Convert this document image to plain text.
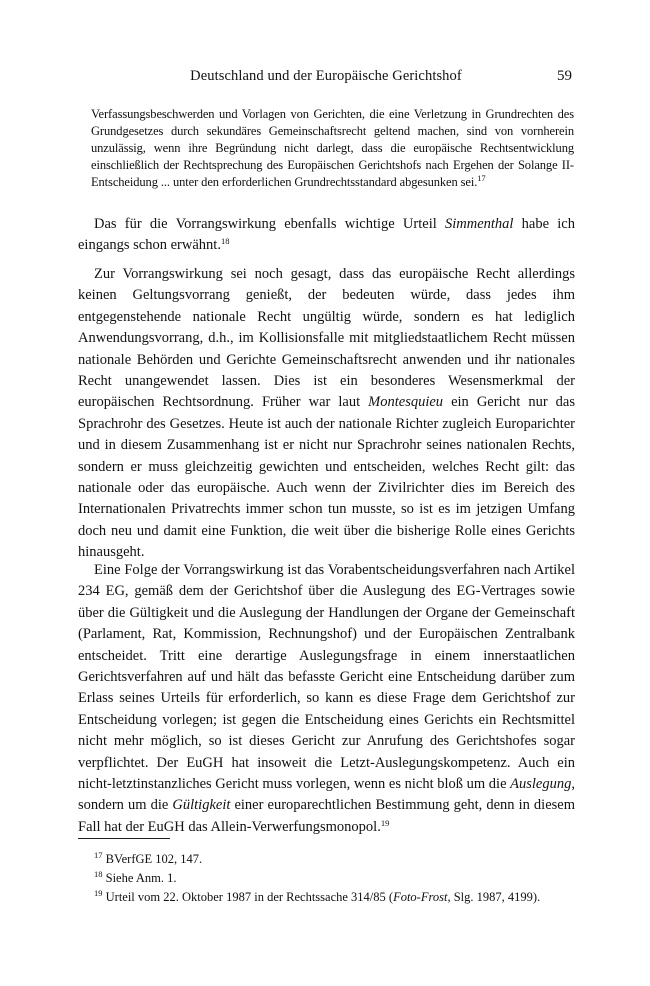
Deutschland und der Europäische Gerichtshof	59
Verfassungsbeschwerden und Vorlagen von Gerichten, die eine Verletzung in Grundrechten des Grundgesetzes durch sekundäres Gemeinschaftsrecht geltend machen, sind von vornherein unzulässig, wenn ihre Begründung nicht darlegt, dass die europäische Rechtsentwicklung einschließlich der Rechtsprechung des Europäischen Gerichtshofs nach Ergehen der Solange II-Entscheidung ... unter den erforderlichen Grundrechtsstandard abgesunken sei.$^{17}$
Das für die Vorrangswirkung ebenfalls wichtige Urteil Simmenthal habe ich eingangs schon erwähnt.$^{18}$
Zur Vorrangswirkung sei noch gesagt, dass das europäische Recht allerdings keinen Geltungsvorrang genießt, der bedeuten würde, dass jedes ihm entgegenstehende nationale Recht ungültig würde, sondern es hat lediglich Anwendungsvorrang, d.h., im Kollisionsfalle mit mitgliedstaatlichem Recht müssen nationale Behörden und Gerichte Gemeinschaftsrecht anwenden und ihr nationales Recht unangewendet lassen. Dies ist ein besonderes Wesensmerkmal der europäischen Rechtsordnung. Früher war laut Montesquieu ein Gericht nur das Sprachrohr des Gesetzes. Heute ist auch der nationale Richter zugleich Europarichter und in diesem Zusammenhang ist er nicht nur Sprachrohr seines nationalen Rechts, sondern er muss gleichzeitig gewichten und entscheiden, welches Recht gilt: das nationale oder das europäische. Auch wenn der Zivilrichter dies im Bereich des Internationalen Privatrechts immer schon tun musste, so ist es im jetzigen Umfang doch neu und damit eine Funktion, die weit über die bisherige Rolle eines Gerichts hinausgeht.
Eine Folge der Vorrangswirkung ist das Vorabentscheidungsverfahren nach Artikel 234 EG, gemäß dem der Gerichtshof über die Auslegung des EG-Vertrages sowie über die Gültigkeit und die Auslegung der Handlungen der Organe der Gemeinschaft (Parlament, Rat, Kommission, Rechnungshof) und der Europäischen Zentralbank entscheidet. Tritt eine derartige Auslegungsfrage in einem innerstaatlichen Gerichtsverfahren auf und hält das befasste Gericht eine Entscheidung darüber zum Erlass seines Urteils für erforderlich, so kann es diese Frage dem Gerichtshof zur Entscheidung vorlegen; ist gegen die Entscheidung eines Gerichts ein Rechtsmittel nicht mehr möglich, so ist dieses Gericht zur Anrufung des Gerichtshofes sogar verpflichtet. Der EuGH hat insoweit die Letzt-Auslegungskompetenz. Auch ein nicht-letztinstanzliches Gericht muss vorlegen, wenn es nicht bloß um die Auslegung, sondern um die Gültigkeit einer europarechtlichen Bestimmung geht, denn in diesem Fall hat der EuGH das Allein-Verwerfungsmonopol.$^{19}$
$^{17}$ BVerfGE 102, 147.
$^{18}$ Siehe Anm. 1.
$^{19}$ Urteil vom 22. Oktober 1987 in der Rechtssache 314/85 (Foto-Frost, Slg. 1987, 4199).
